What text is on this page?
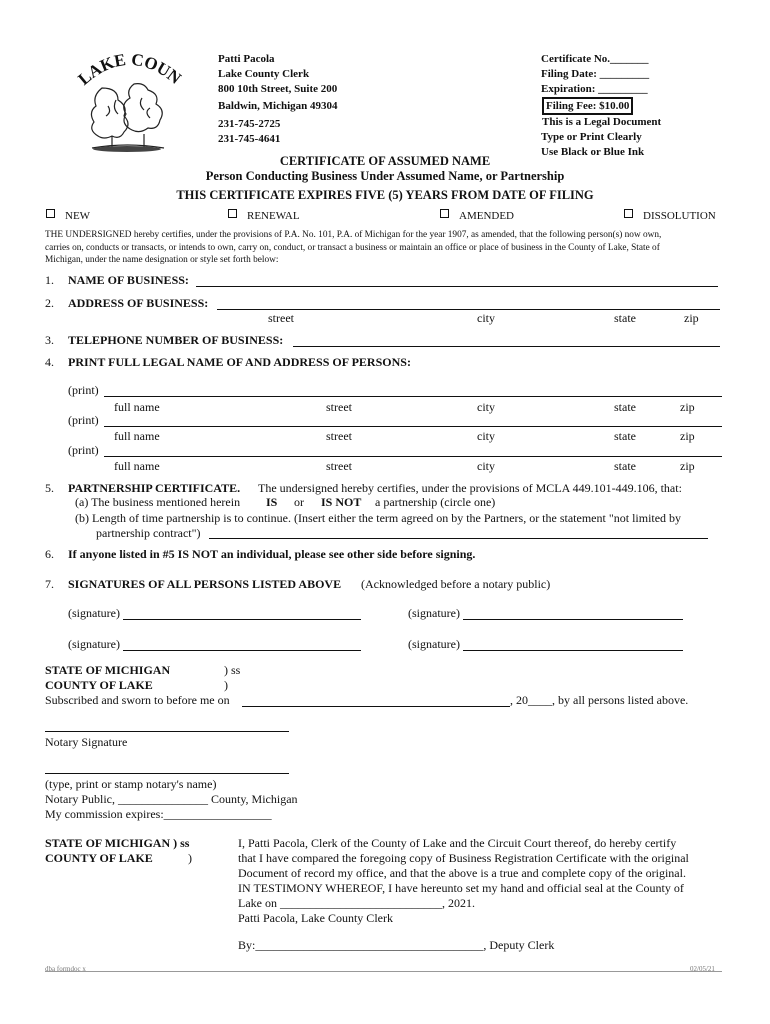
LAKE COU	Patti Pacola
Lake County Clerk
800 10th Street, Suite 200
Baldwin, Michigan 49304
231-745-2725
231-745-4641
Certificate No._______
Filing Date: _________
Expiration: _________
Filing Fee: $10.00
This is a Legal Document
Type or Print Clearly
Use Black or Blue Ink
CERTIFICATE OF ASSUMED NAME
Person Conducting Business Under Assumed Name, or Partnership
THIS CERTIFICATE EXPIRES FIVE (5) YEARS FROM DATE OF FILING
NEW	RENEWAL	AMENDED	DISSOLUTION
THE UNDERSIGNED hereby certifies, under the provisions of P.A. No. 101, P.A. of Michigan for the year 1907, as amended, that the following person(s) now own,
carries on, conducts or transacts, or intends to own, carry on, conduct, or transact a business or maintain an office or place of business in the County of Lake, State of
Michigan, under the name designation or style set forth below:
1. NAME OF BUSINESS:
2. ADDRESS OF BUSINESS:
street	city	state	zip
3. TELEPHONE NUMBER OF BUSINESS:
4. PRINT FULL LEGAL NAME OF AND ADDRESS OF PERSONS:
(print)
full name	street	city	state	zip
(print)
full name	street	city	state	zip
(print)
full name	street	city	state	zip
5. PARTNERSHIP CERTIFICATE. The undersigned hereby certifies, under the provisions of MCLA 449.101-449.106, that:
(a) The business mentioned herein IS or IS NOT a partnership (circle one)
(b) Length of time partnership is to continue. (Insert either the term agreed on by the Partners, or the statement "not limited by
partnership contract")
6. If anyone listed in #5 IS NOT an individual, please see other side before signing.
7. SIGNATURES OF ALL PERSONS LISTED ABOVE (Acknowledged before a notary public)
(signature)	(signature)
(signature)	(signature)
STATE OF MICHIGAN	) ss
COUNTY OF LAKE	)
Subscribed and sworn to before me on	, 20____, by all persons listed above.
Notary Signature
(type, print or stamp notary's name)
Notary Public, _______________ County, Michigan
My commission expires:__________________
STATE OF MICHIGAN ) ss
COUNTY OF LAKE	)
I, Patti Pacola, Clerk of the County of Lake and the Circuit Court thereof, do hereby certify
that I have compared the foregoing copy of Business Registration Certificate with the original
Document of record my office, and that the above is a true and complete copy of the original.
IN TESTIMONY WHEREOF, I have hereunto set my hand and official seal at the County of
Lake on ___________________________, 2021.
Patti Pacola, Lake County Clerk
By:______________________________________, Deputy Clerk
dba formdoc x	02/05/21
